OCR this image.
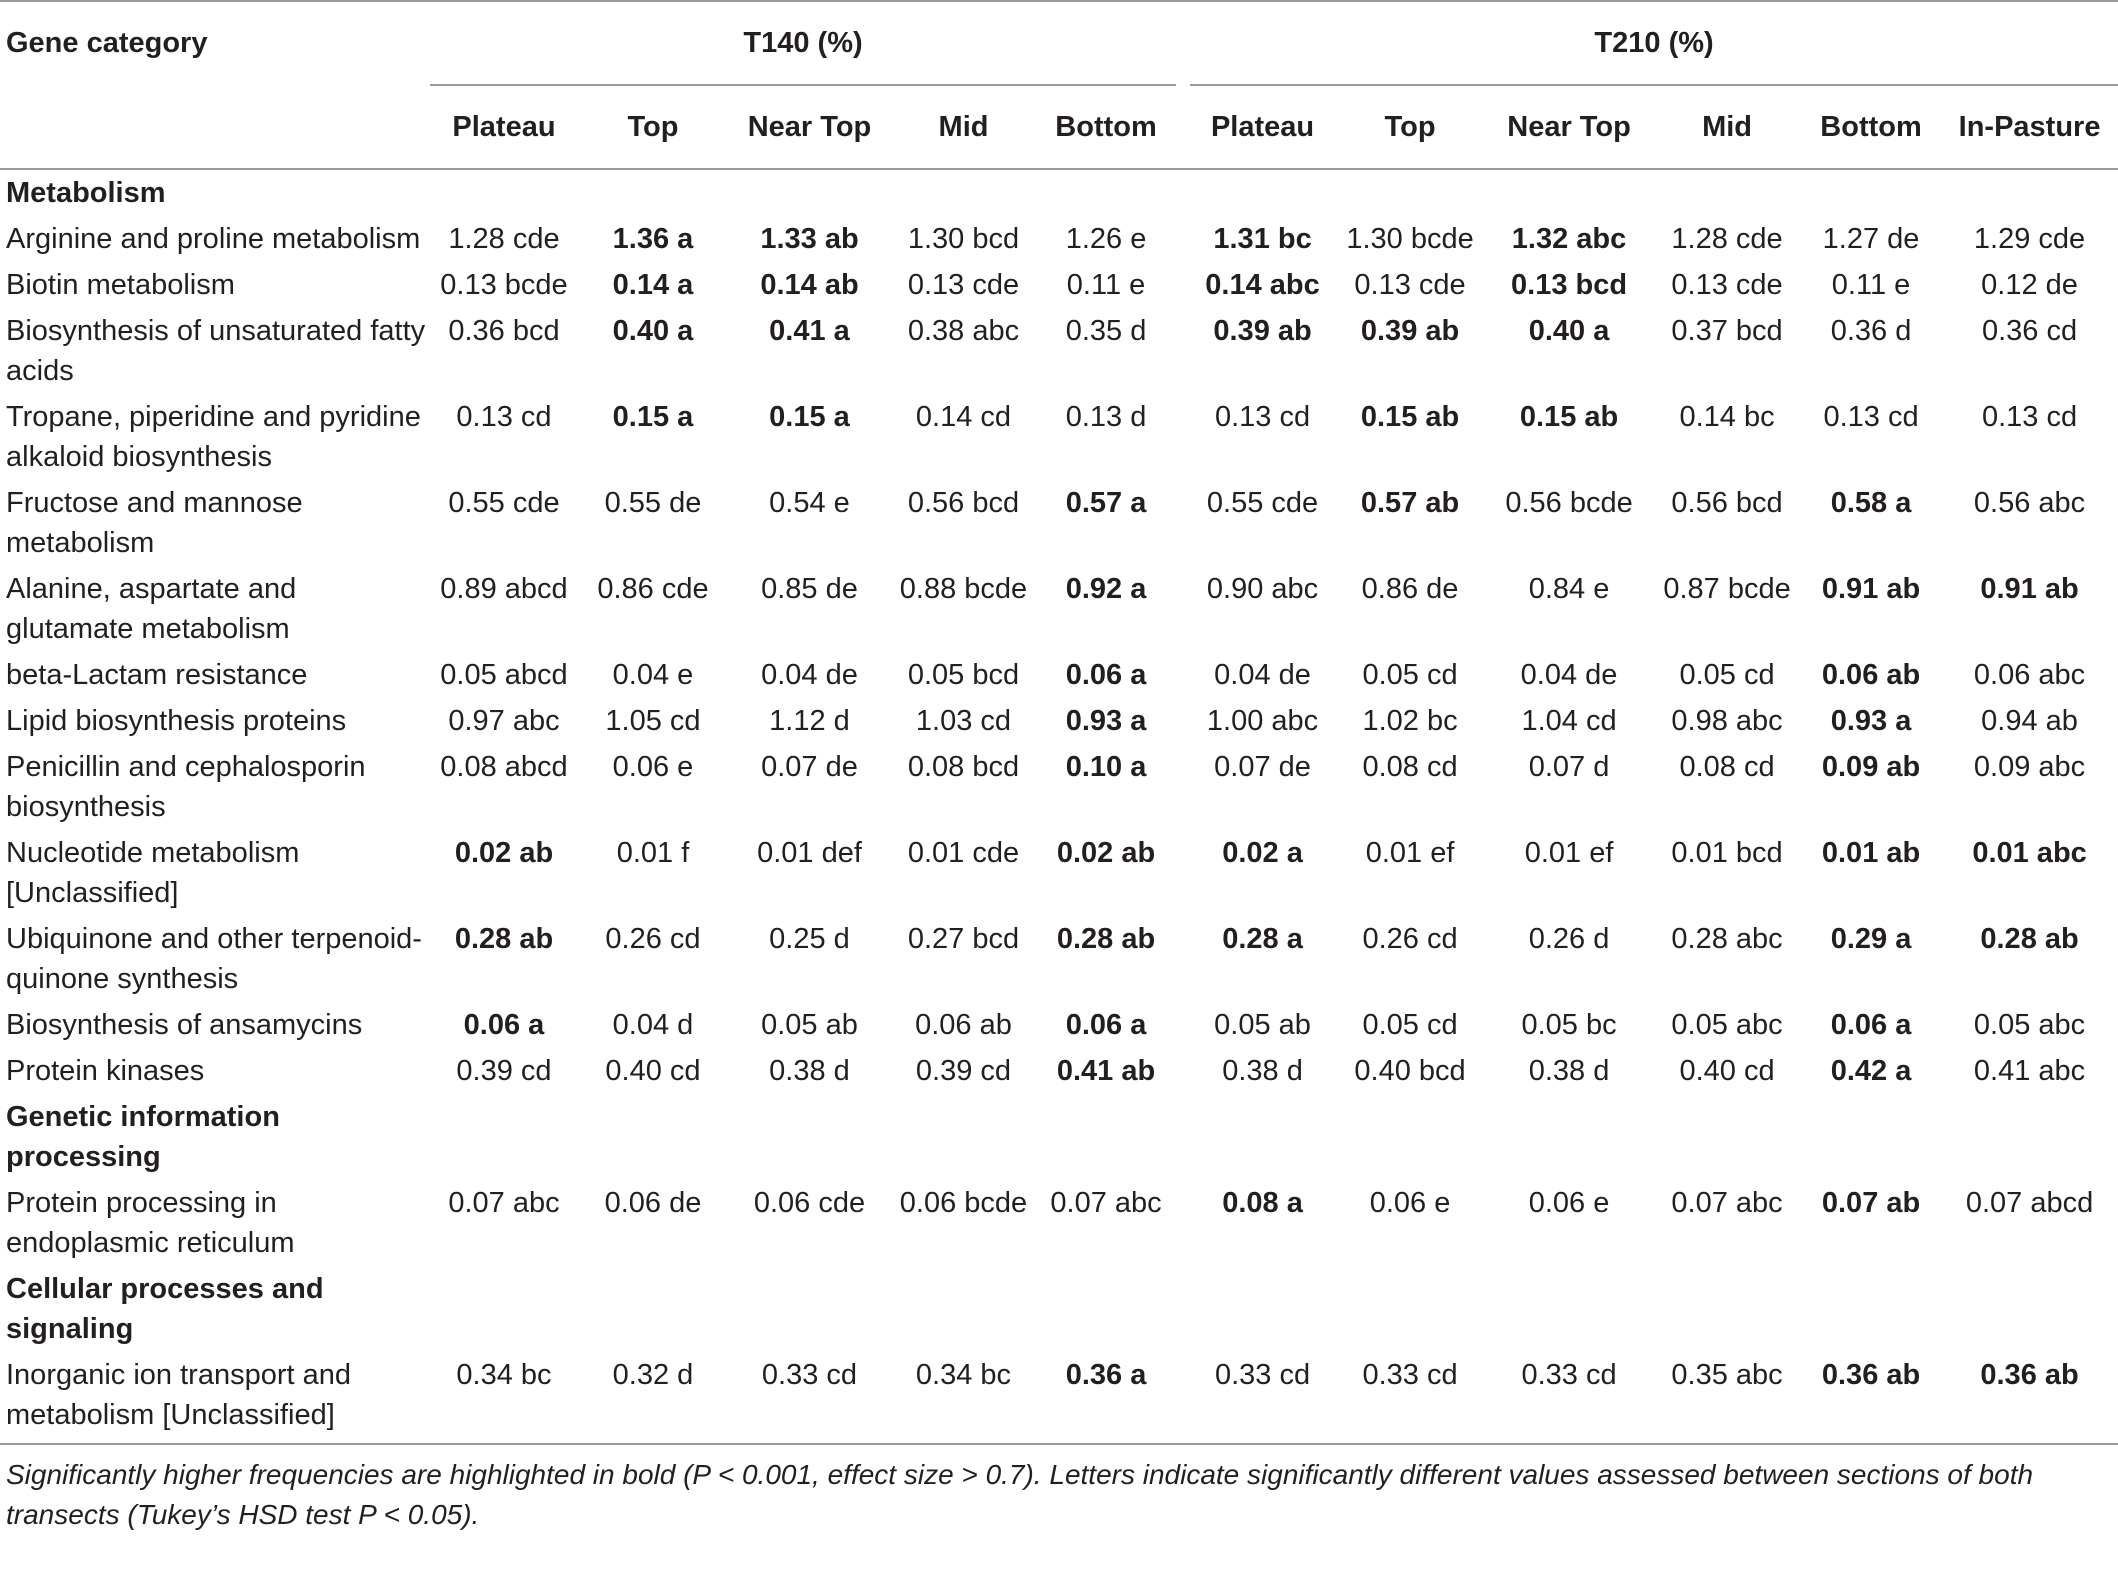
Gene category	T140 (%)						T210 (%)					
	Plateau	Top	Near Top	Mid	Bottom		Plateau	Top	Near Top	Mid	Bottom	In-Pasture
Metabolism												
Arginine and proline metabolism	1.28 cde	1.36 a	1.33 ab	1.30 bcd	1.26 e		1.31 bc	1.30 bcde	1.32 abc	1.28 cde	1.27 de	1.29 cde
Biotin metabolism	0.13 bcde	0.14 a	0.14 ab	0.13 cde	0.11 e		0.14 abc	0.13 cde	0.13 bcd	0.13 cde	0.11 e	0.12 de
Biosynthesis of unsaturated fatty acids	0.36 bcd	0.40 a	0.41 a	0.38 abc	0.35 d		0.39 ab	0.39 ab	0.40 a	0.37 bcd	0.36 d	0.36 cd
Tropane, piperidine and pyridine alkaloid biosynthesis	0.13 cd	0.15 a	0.15 a	0.14 cd	0.13 d		0.13 cd	0.15 ab	0.15 ab	0.14 bc	0.13 cd	0.13 cd
Fructose and mannose metabolism	0.55 cde	0.55 de	0.54 e	0.56 bcd	0.57 a		0.55 cde	0.57 ab	0.56 bcde	0.56 bcd	0.58 a	0.56 abc
Alanine, aspartate and glutamate metabolism	0.89 abcd	0.86 cde	0.85 de	0.88 bcde	0.92 a		0.90 abc	0.86 de	0.84 e	0.87 bcde	0.91 ab	0.91 ab
beta-Lactam resistance	0.05 abcd	0.04 e	0.04 de	0.05 bcd	0.06 a		0.04 de	0.05 cd	0.04 de	0.05 cd	0.06 ab	0.06 abc
Lipid biosynthesis proteins	0.97 abc	1.05 cd	1.12 d	1.03 cd	0.93 a		1.00 abc	1.02 bc	1.04 cd	0.98 abc	0.93 a	0.94 ab
Penicillin and cephalosporin biosynthesis	0.08 abcd	0.06 e	0.07 de	0.08 bcd	0.10 a		0.07 de	0.08 cd	0.07 d	0.08 cd	0.09 ab	0.09 abc
Nucleotide metabolism [Unclassified]	0.02 ab	0.01 f	0.01 def	0.01 cde	0.02 ab		0.02 a	0.01 ef	0.01 ef	0.01 bcd	0.01 ab	0.01 abc
Ubiquinone and other terpenoid-quinone synthesis	0.28 ab	0.26 cd	0.25 d	0.27 bcd	0.28 ab		0.28 a	0.26 cd	0.26 d	0.28 abc	0.29 a	0.28 ab
Biosynthesis of ansamycins	0.06 a	0.04 d	0.05 ab	0.06 ab	0.06 a		0.05 ab	0.05 cd	0.05 bc	0.05 abc	0.06 a	0.05 abc
Protein kinases	0.39 cd	0.40 cd	0.38 d	0.39 cd	0.41 ab		0.38 d	0.40 bcd	0.38 d	0.40 cd	0.42 a	0.41 abc
Genetic information processing												
Protein processing in endoplasmic reticulum	0.07 abc	0.06 de	0.06 cde	0.06 bcde	0.07 abc		0.08 a	0.06 e	0.06 e	0.07 abc	0.07 ab	0.07 abcd
Cellular processes and signaling												
Inorganic ion transport and metabolism [Unclassified]	0.34 bc	0.32 d	0.33 cd	0.34 bc	0.36 a		0.33 cd	0.33 cd	0.33 cd	0.35 abc	0.36 ab	0.36 ab
Significantly higher frequencies are highlighted in bold (P < 0.001, effect size > 0.7). Letters indicate significantly different values assessed between sections of both transects (Tukey’s HSD test P < 0.05).
